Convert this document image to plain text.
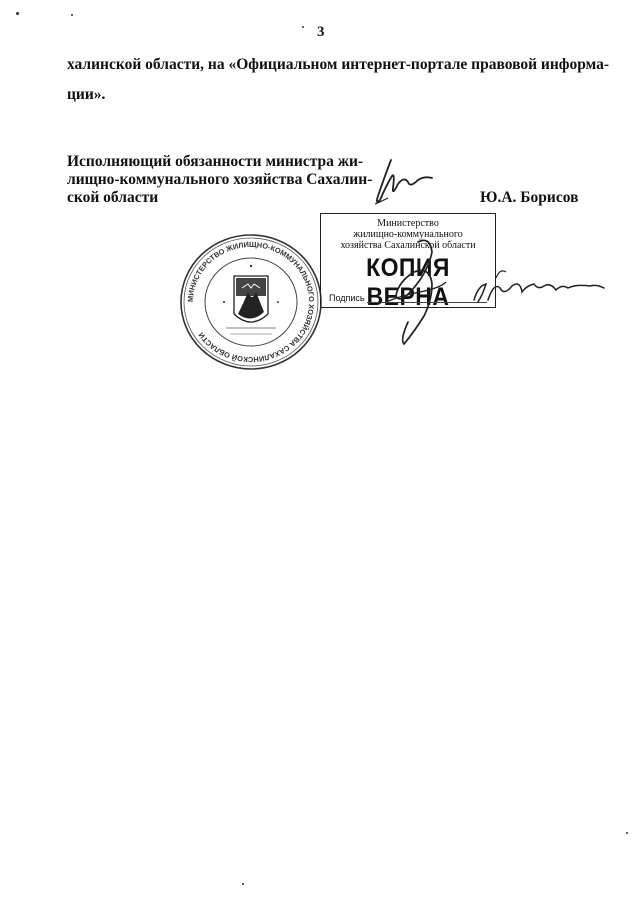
3
халинской области, на «Официальном интернет-портале правовой информа-
ции».
Исполняющий обязанности министра жи-
лищно-коммунального хозяйства Сахалин-
ской области	Ю.А. Борисов
МИНИСТЕРСТВО ЖИЛИЩНО-КОММУНАЛЬНОГО ХОЗЯЙСТВА САХАЛИНСКОЙ ОБЛАСТИ
Министерство
жилищно-коммунального
хозяйства Сахалинской области
КОПИЯ ВЕРНА
Подпись
